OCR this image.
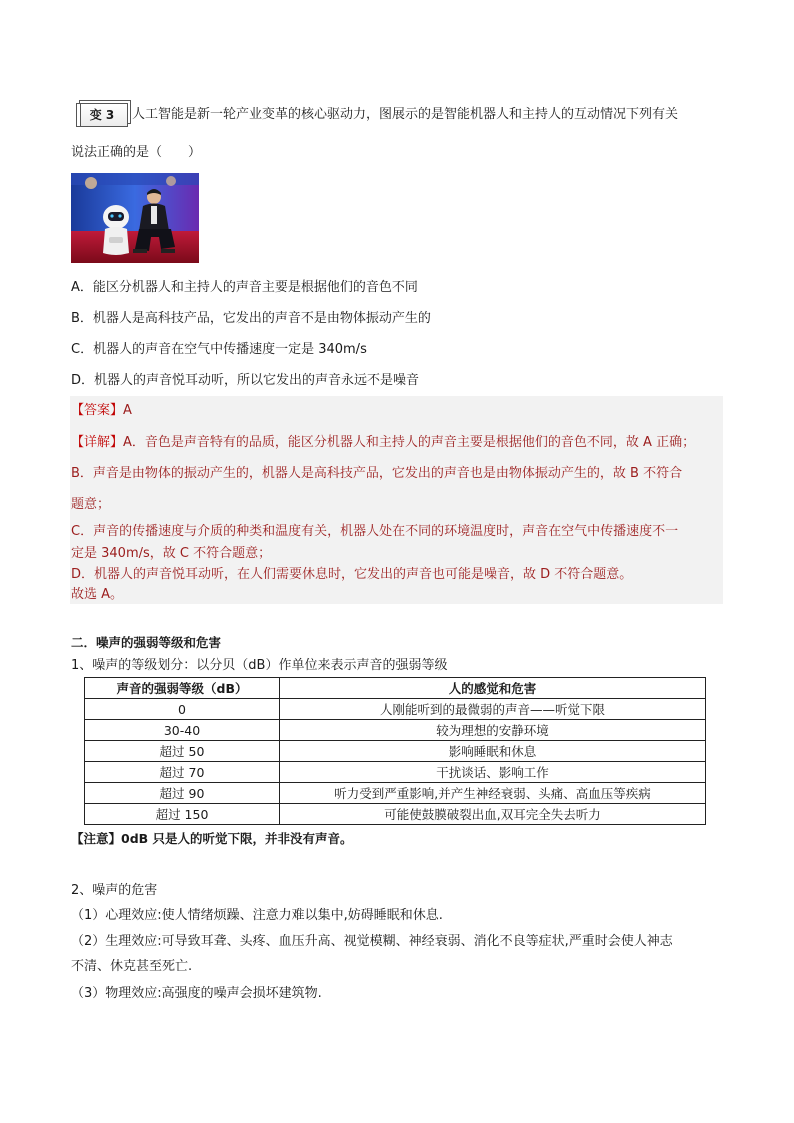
变 3	人工智能是新一轮产业变革的核心驱动力，图展示的是智能机器人和主持人的互动情况下列有关
说法正确的是（　　）
A．能区分机器人和主持人的声音主要是根据他们的音色不同
B．机器人是高科技产品，它发出的声音不是由物体振动产生的
C．机器人的声音在空气中传播速度一定是 340m/s
D．机器人的声音悦耳动听，所以它发出的声音永远不是噪音
【答案】A
【详解】A．音色是声音特有的品质，能区分机器人和主持人的声音主要是根据他们的音色不同，故 A 正确；
B．声音是由物体的振动产生的，机器人是高科技产品，它发出的声音也是由物体振动产生的，故 B 不符合
题意；
C．声音的传播速度与介质的种类和温度有关，机器人处在不同的环境温度时，声音在空气中传播速度不一
定是 340m/s，故 C 不符合题意；
D．机器人的声音悦耳动听，在人们需要休息时，它发出的声音也可能是噪音，故 D 不符合题意。
故选 A。
二．噪声的强弱等级和危害
1、噪声的等级划分：以分贝（dB）作单位来表示声音的强弱等级
声音的强弱等级（dB）	人的感觉和危害
0	人刚能听到的最微弱的声音——听觉下限
30-40	较为理想的安静环境
超过 50	影响睡眠和休息
超过 70	干扰谈话、影响工作
超过 90	听力受到严重影响,并产生神经衰弱、头痛、高血压等疾病
超过 150	可能使鼓膜破裂出血,双耳完全失去听力
【注意】0dB 只是人的听觉下限，并非没有声音。
2、噪声的危害
（1）心理效应:使人情绪烦躁、注意力难以集中,妨碍睡眠和休息.
（2）生理效应:可导致耳聋、头疼、血压升高、视觉模糊、神经衰弱、消化不良等症状,严重时会使人神志
不清、休克甚至死亡.
（3）物理效应:高强度的噪声会损坏建筑物.
